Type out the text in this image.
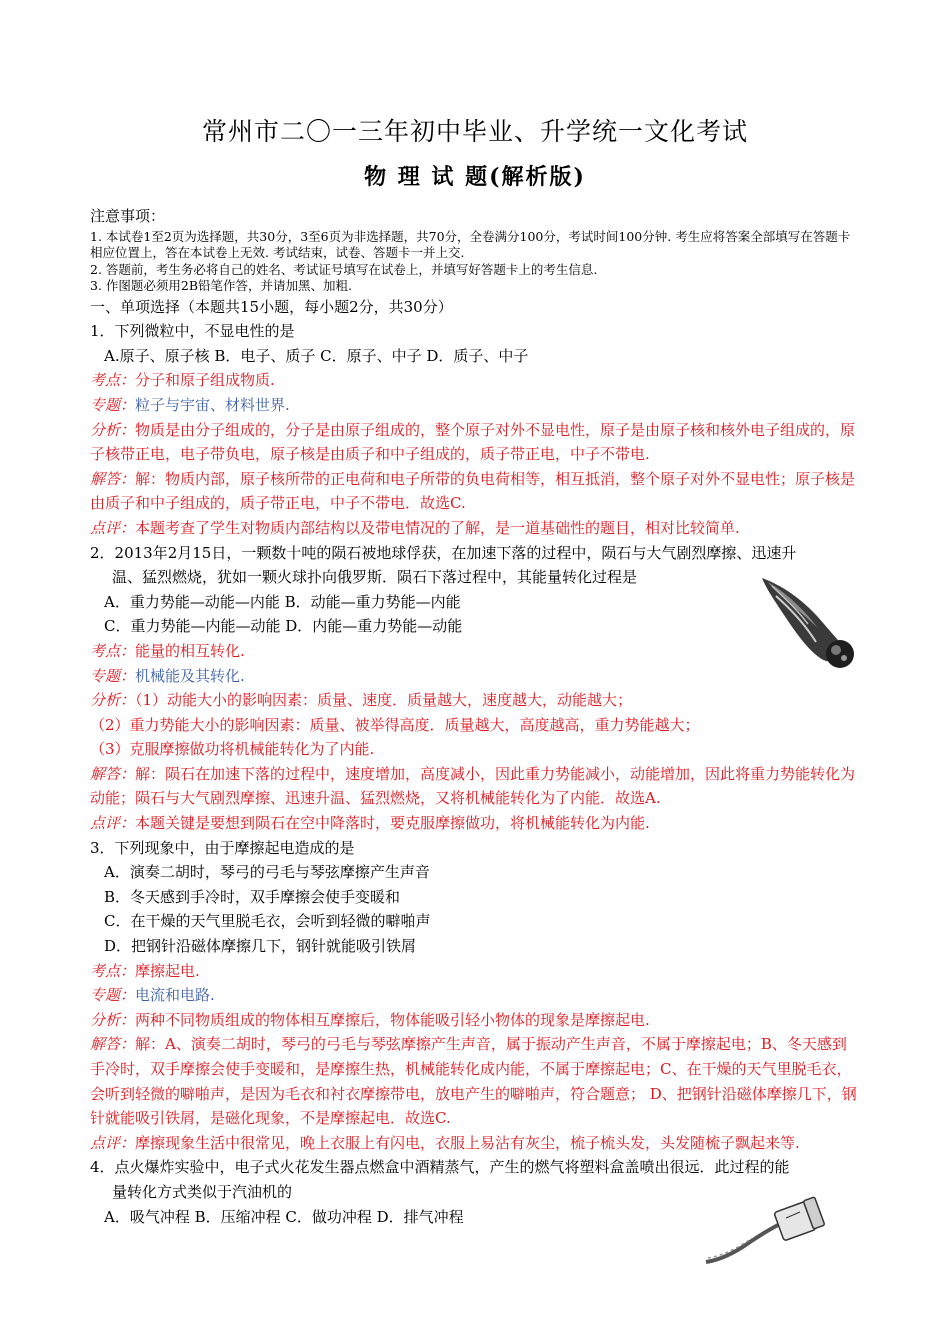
常州市二〇一三年初中毕业、升学统一文化考试
物 理 试 题(解析版)
注意事项：
1. 本试卷1至2页为选择题，共30分，3至6页为非选择题，共70分，全卷满分100分，考试时间100分钟. 考生应将答案全部填写在答题卡相应位置上，答在本试卷上无效. 考试结束，试卷、答题卡一并上交.
2. 答题前，考生务必将自己的姓名、考试证号填写在试卷上，并填写好答题卡上的考生信息.
3. 作图题必须用2B铅笔作答，并请加黑、加粗.
一、单项选择（本题共15小题，每小题2分，共30分）
1．下列微粒中，不显电性的是
A.原子、原子核 B．电子、质子 C．原子、中子 D．质子、中子
考点：分子和原子组成物质.
专题：粒子与宇宙、材料世界.
分析：物质是由分子组成的，分子是由原子组成的，整个原子对外不显电性，原子是由原子核和核外电子组成的，原子核带正电，电子带负电，原子核是由质子和中子组成的，质子带正电，中子不带电.
解答：解：物质内部，原子核所带的正电荷和电子所带的负电荷相等，相互抵消，整个原子对外不显电性；原子核是由质子和中子组成的，质子带正电，中子不带电．故选C.
点评：本题考查了学生对物质内部结构以及带电情况的了解，是一道基础性的题目，相对比较简单.
2．2013年2月15日，一颗数十吨的陨石被地球俘获，在加速下落的过程中，陨石与大气剧烈摩擦、迅速升
温、猛烈燃烧，犹如一颗火球扑向俄罗斯．陨石下落过程中，其能量转化过程是
A．重力势能—动能—内能 B．动能—重力势能—内能
C．重力势能—内能—动能 D．内能—重力势能—动能
考点：能量的相互转化.
专题：机械能及其转化.
分析：（1）动能大小的影响因素：质量、速度．质量越大，速度越大，动能越大；
（2）重力势能大小的影响因素：质量、被举得高度．质量越大，高度越高，重力势能越大；
（3）克服摩擦做功将机械能转化为了内能.
解答：解：陨石在加速下落的过程中，速度增加，高度减小，因此重力势能减小，动能增加，因此将重力势能转化为动能；陨石与大气剧烈摩擦、迅速升温、猛烈燃烧，又将机械能转化为了内能．故选A.
点评：本题关键是要想到陨石在空中降落时，要克服摩擦做功，将机械能转化为内能.
3．下列现象中，由于摩擦起电造成的是
A．演奏二胡时，琴弓的弓毛与琴弦摩擦产生声音
B．冬天感到手冷时，双手摩擦会使手变暖和
C．在干燥的天气里脱毛衣，会听到轻微的噼啪声
D．把钢针沿磁体摩擦几下，钢针就能吸引铁屑
考点：摩擦起电.
专题：电流和电路.
分析：两种不同物质组成的物体相互摩擦后，物体能吸引轻小物体的现象是摩擦起电.
解答：解：A、演奏二胡时，琴弓的弓毛与琴弦摩擦产生声音，属于振动产生声音，不属于摩擦起电；B、冬天感到手冷时，双手摩擦会使手变暖和，是摩擦生热，机械能转化成内能，不属于摩擦起电；C、在干燥的天气里脱毛衣，会听到轻微的噼啪声，是因为毛衣和衬衣摩擦带电，放电产生的噼啪声，符合题意； D、把钢针沿磁体摩擦几下，钢针就能吸引铁屑，是磁化现象，不是摩擦起电．故选C.
点评：摩擦现象生活中很常见，晚上衣服上有闪电，衣服上易沾有灰尘，梳子梳头发，头发随梳子飘起来等.
4．点火爆炸实验中，电子式火花发生器点燃盒中酒精蒸气，产生的燃气将塑料盒盖喷出很远．此过程的能
量转化方式类似于汽油机的
A．吸气冲程 B．压缩冲程 C．做功冲程 D．排气冲程
